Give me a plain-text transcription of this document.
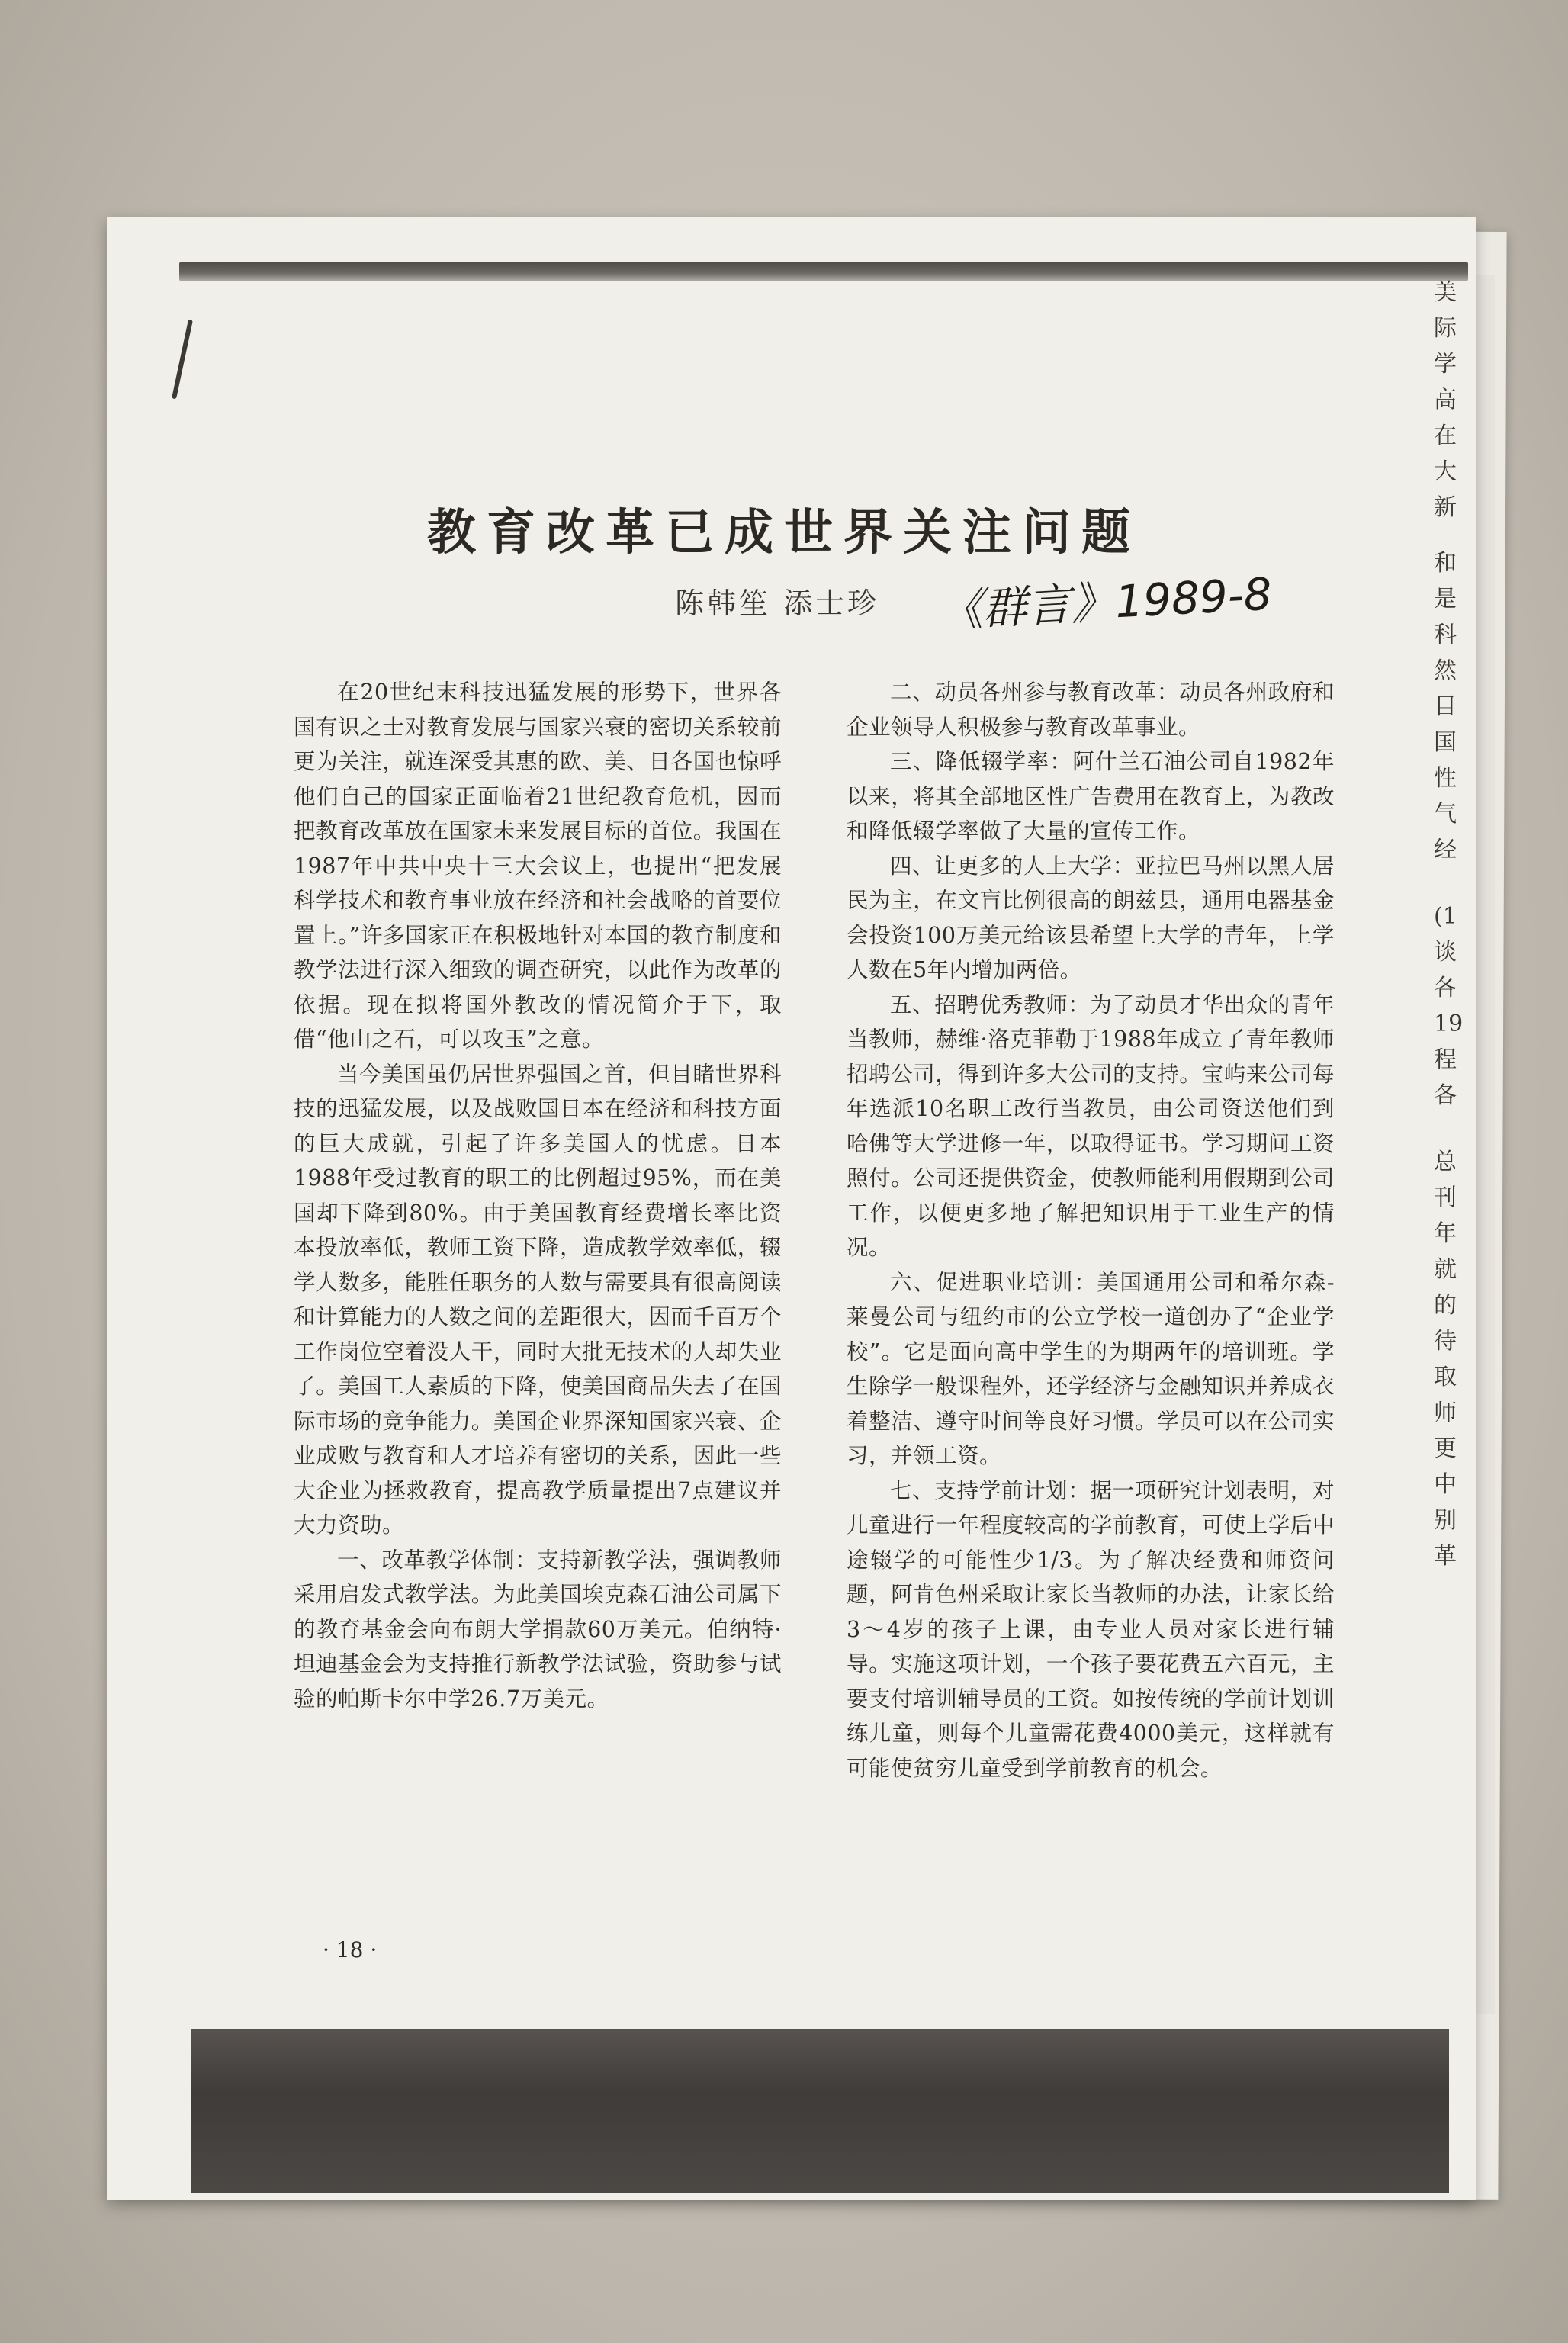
教育改革已成世界关注问题
陈韩笙 添士珍 《群言》1989-8

在20世纪末科技迅猛发展的形势下，世界各国有识之士对教育发展与国家兴衰的密切关系较前更为关注，就连深受其惠的欧、美、日各国也惊呼他们自己的国家正面临着21世纪教育危机，因而把教育改革放在国家未来发展目标的首位。我国在1987年中共中央十三大会议上，也提出“把发展科学技术和教育事业放在经济和社会战略的首要位置上。”许多国家正在积极地针对本国的教育制度和教学法进行深入细致的调查研究，以此作为改革的依据。现在拟将国外教改的情况简介于下，取借“他山之石，可以攻玉”之意。

当今美国虽仍居世界强国之首，但目睹世界科技的迅猛发展，以及战败国日本在经济和科技方面的巨大成就，引起了许多美国人的忧虑。日本1988年受过教育的职工的比例超过95%，而在美国却下降到80%。由于美国教育经费增长率比资本投放率低，教师工资下降，造成教学效率低，辍学人数多，能胜任职务的人数与需要具有很高阅读和计算能力的人数之间的差距很大，因而千百万个工作岗位空着没人干，同时大批无技术的人却失业了。美国工人素质的下降，使美国商品失去了在国际市场的竞争能力。美国企业界深知国家兴衰、企业成败与教育和人才培养有密切的关系，因此一些大企业为拯救教育，提高教学质量提出7点建议并大力资助。

一、改革教学体制：支持新教学法，强调教师采用启发式教学法。为此美国埃克森石油公司属下的教育基金会向布朗大学捐款60万美元。伯纳特·坦迪基金会为支持推行新教学法试验，资助参与试验的帕斯卡尔中学26.7万美元。

二、动员各州参与教育改革：动员各州政府和企业领导人积极参与教育改革事业。

三、降低辍学率：阿什兰石油公司自1982年以来，将其全部地区性广告费用在教育上，为教改和降低辍学率做了大量的宣传工作。

四、让更多的人上大学：亚拉巴马州以黑人居民为主，在文盲比例很高的朗兹县，通用电器基金会投资100万美元给该县希望上大学的青年，上学人数在5年内增加两倍。

五、招聘优秀教师：为了动员才华出众的青年当教师，赫维·洛克菲勒于1988年成立了青年教师招聘公司，得到许多大公司的支持。宝屿来公司每年选派10名职工改行当教员，由公司资送他们到哈佛等大学进修一年，以取得证书。学习期间工资照付。公司还提供资金，使教师能利用假期到公司工作，以便更多地了解把知识用于工业生产的情况。

六、促进职业培训：美国通用公司和希尔森-莱曼公司与纽约市的公立学校一道创办了“企业学校”。它是面向高中学生的为期两年的培训班。学生除学一般课程外，还学经济与金融知识并养成衣着整洁、遵守时间等良好习惯。学员可以在公司实习，并领工资。

七、支持学前计划：据一项研究计划表明，对儿童进行一年程度较高的学前教育，可使上学后中途辍学的可能性少1/3。为了解决经费和师资问题，阿肯色州采取让家长当教师的办法，让家长给3～4岁的孩子上课，由专业人员对家长进行辅导。实施这项计划，一个孩子要花费五六百元，主要支付培训辅导员的工资。如按传统的学前计划训练儿童，则每个儿童需花费4000美元，这样就有可能使贫穷儿童受到学前教育的机会。

· 18 ·
美
际
学
高
在
大
新
和
是
科
然
目
国
性
气
经
(1
谈
各
19
程
各
总
刊
年
就
的
待
取
师
更
中
别
革
